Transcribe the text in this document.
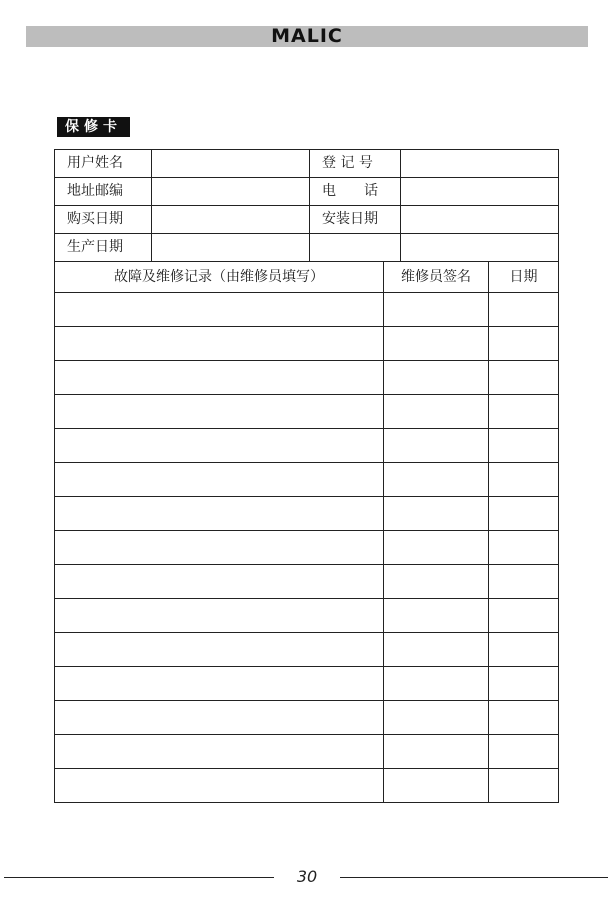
MALIC
保修卡
用户姓名		登 记 号	
地址邮编		电　　话	
购买日期		安装日期	
生产日期			
故障及维修记录（由维修员填写）	维修员签名	日期

30
